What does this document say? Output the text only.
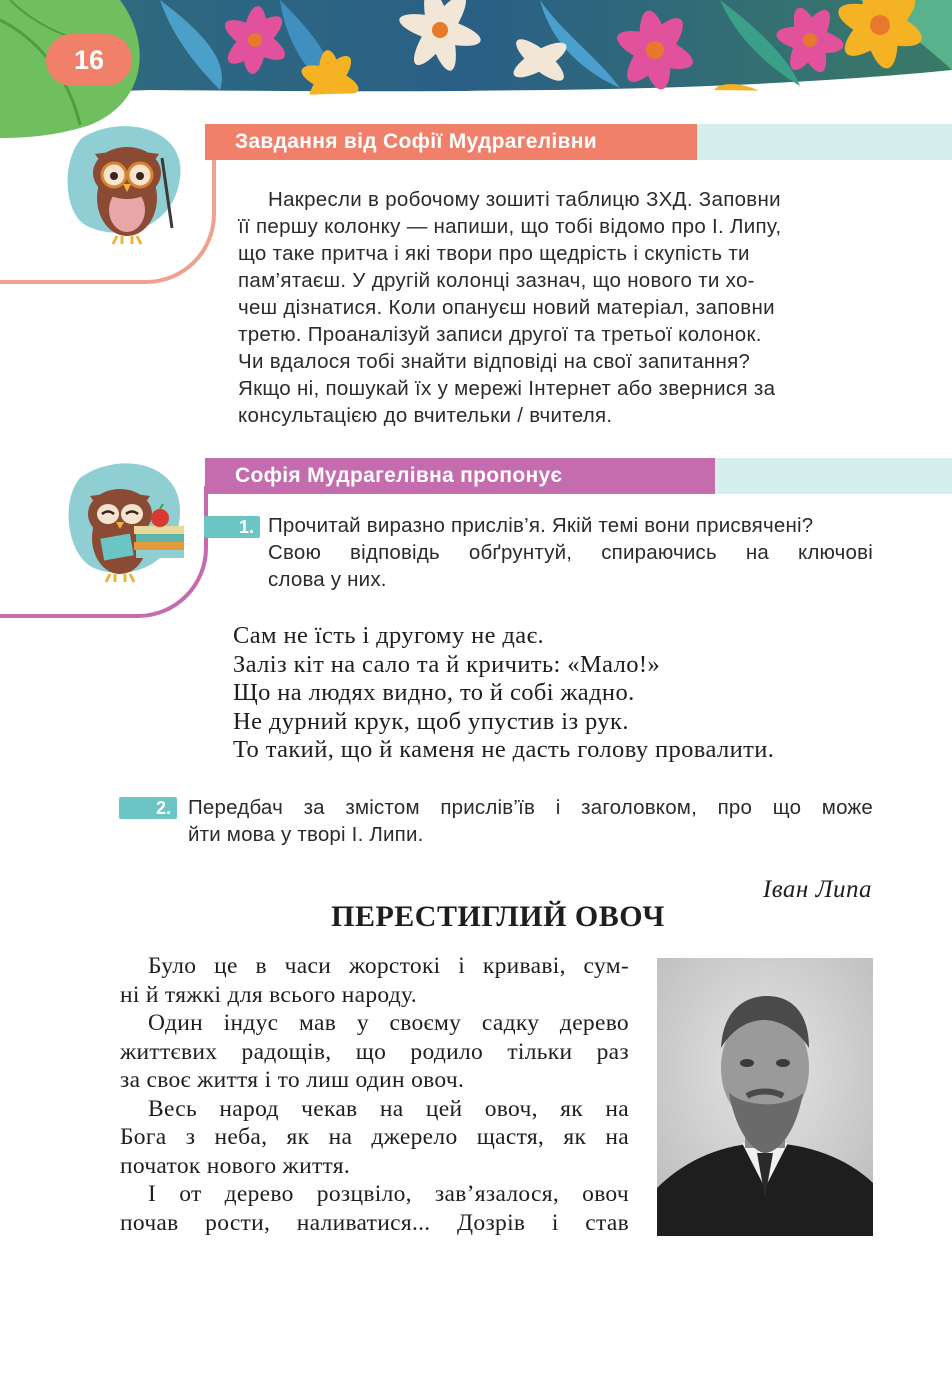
16
Завдання від Софії Мудрагелівни
Накресли в робочому зошиті таблицю ЗХД. Заповни
її першу колонку — напиши, що тобі відомо про І. Липу,
що таке притча і які твори про щедрість і скупість ти
пам’ятаєш. У другій колонці зазнач, що нового ти хо-
чеш дізнатися. Коли опануєш новий матеріал, заповни
третю. Проаналізуй записи другої та третьої колонок.
Чи вдалося тобі знайти відповіді на свої запитання?
Якщо ні, пошукай їх у мережі Інтернет або звернися за
консультацією до вчительки / вчителя.
Софія Мудрагелівна пропонує
1. Прочитай виразно прислів’я. Якій темі вони присвячені?
Свою відповідь обґрунтуй, спираючись на ключові
слова у них.
Сам не їсть і другому не дає.
Заліз кіт на сало та й кричить: «Мало!»
Що на людях видно, то й собі жадно.
Не дурний крук, щоб упустив із рук.
То такий, що й каменя не дасть голову провалити.
2. Передбач за змістом прислів’їв і заголовком, про що може
йти мова у творі І. Липи.
Іван Липа
ПЕРЕСТИГЛИЙ ОВОЧ
Було це в часи жорстокі і криваві, сум-
ні й тяжкі для всього народу.
Один індус мав у своєму садку дерево
життєвих радощів, що родило тільки раз
за своє життя і то лиш один овоч.
Весь народ чекав на цей овоч, як на
Бога з неба, як на джерело щастя, як на
початок нового життя.
І от дерево розцвіло, зав’язалося, овоч
почав рости, наливатися... Дозрів і став
